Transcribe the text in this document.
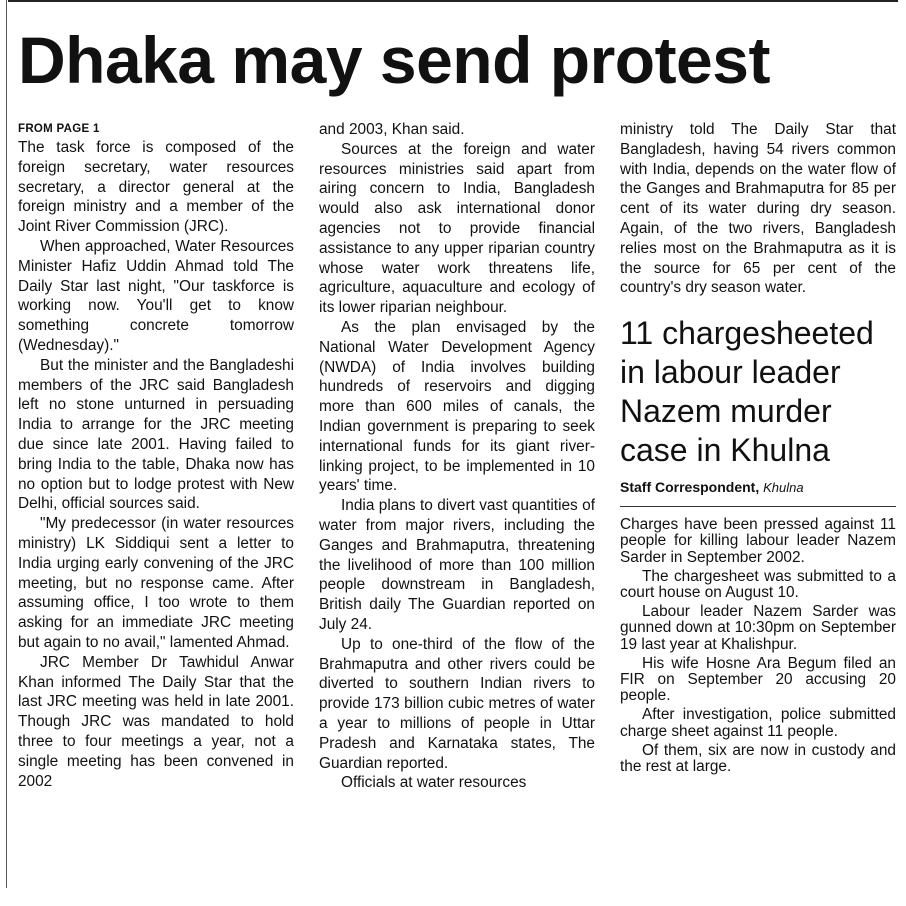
Dhaka may send protest
FROM PAGE 1

The task force is composed of the foreign secretary, water resources secretary, a director general at the foreign ministry and a member of the Joint River Commission (JRC).

When approached, Water Resources Minister Hafiz Uddin Ahmad told The Daily Star last night, "Our taskforce is working now. You'll get to know something concrete tomorrow (Wednesday)."

But the minister and the Bangladeshi members of the JRC said Bangladesh left no stone unturned in persuading India to arrange for the JRC meeting due since late 2001. Having failed to bring India to the table, Dhaka now has no option but to lodge protest with New Delhi, official sources said.

"My predecessor (in water resources ministry) LK Siddiqui sent a letter to India urging early convening of the JRC meeting, but no response came. After assuming office, I too wrote to them asking for an immediate JRC meeting but again to no avail," lamented Ahmad.

JRC Member Dr Tawhidul Anwar Khan informed The Daily Star that the last JRC meeting was held in late 2001. Though JRC was mandated to hold three to four meetings a year, not a single meeting has been convened in 2002

and 2003, Khan said.

Sources at the foreign and water resources ministries said apart from airing concern to India, Bangladesh would also ask international donor agencies not to provide financial assistance to any upper riparian country whose water work threatens life, agriculture, aquaculture and ecology of its lower riparian neighbour.

As the plan envisaged by the National Water Development Agency (NWDA) of India involves building hundreds of reservoirs and digging more than 600 miles of canals, the Indian government is preparing to seek international funds for its giant river-linking project, to be implemented in 10 years' time.

India plans to divert vast quantities of water from major rivers, including the Ganges and Brahmaputra, threatening the livelihood of more than 100 million people downstream in Bangladesh, British daily The Guardian reported on July 24.

Up to one-third of the flow of the Brahmaputra and other rivers could be diverted to southern Indian rivers to provide 173 billion cubic metres of water a year to millions of people in Uttar Pradesh and Karnataka states, The Guardian reported.

Officials at water resources

ministry told The Daily Star that Bangladesh, having 54 rivers common with India, depends on the water flow of the Ganges and Brahmaputra for 85 per cent of its water during dry season. Again, of the two rivers, Bangladesh relies most on the Brahmaputra as it is the source for 65 per cent of the country's dry season water.

11 chargesheeted in labour leader Nazem murder case in Khulna
Staff Correspondent, Khulna

Charges have been pressed against 11 people for killing labour leader Nazem Sarder in September 2002.

The chargesheet was submitted to a court house on August 10.

Labour leader Nazem Sarder was gunned down at 10:30pm on September 19 last year at Khalishpur.

His wife Hosne Ara Begum filed an FIR on September 20 accusing 20 people.

After investigation, police submitted charge sheet against 11 people.

Of them, six are now in custody and the rest at large.
